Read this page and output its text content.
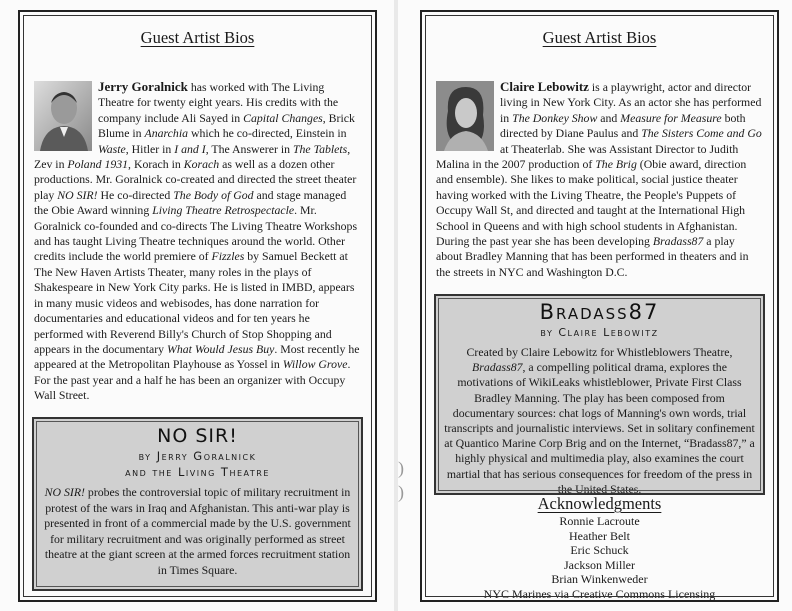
Guest Artist Bios
Jerry Goralnick has worked with The Living Theatre for twenty eight years. His credits with the company include Ali Sayed in Capital Changes, Brick Blume in Anarchia which he co-directed, Einstein in Waste, Hitler in I and I, The Answerer in The Tablets, Zev in Poland 1931, Korach in Korach as well as a dozen other productions. Mr. Goralnick co-created and directed the street theater play NO SIR! He co-directed The Body of God and stage managed the Obie Award winning Living Theatre Retrospectacle. Mr. Goralnick co-founded and co-directs The Living Theatre Workshops and has taught Living Theatre techniques around the world. Other credits include the world premiere of Fizzles by Samuel Beckett at The New Haven Artists Theater, many roles in the plays of Shakespeare in New York City parks. He is listed in IMBD, appears in many music videos and webisodes, has done narration for documentaries and educational videos and for ten years he performed with Reverend Billy's Church of Stop Shopping and appears in the documentary What Would Jesus Buy. Most recently he appeared at the Metropolitan Playhouse as Yossel in Willow Grove. For the past year and a half he has been an organizer with Occupy Wall Street.
NO SIR!
by Jerry Goralnick
and the Living Theatre
NO SIR! probes the controversial topic of military recruitment in protest of the wars in Iraq and Afghanistan. This anti-war play is presented in front of a commercial made by the U.S. government for military recruitment and was originally performed as street theatre at the giant screen at the armed forces recruitment station in Times Square.
)
)
Guest Artist Bios
Claire Lebowitz is a playwright, actor and director living in New York City. As an actor she has performed in The Donkey Show and Measure for Measure both directed by Diane Paulus and The Sisters Come and Go at Theaterlab. She was Assistant Director to Judith Malina in the 2007 production of The Brig (Obie award, direction and ensemble). She likes to make political, social justice theater having worked with the Living Theatre, the People's Puppets of Occupy Wall St, and directed and taught at the International High School in Queens and with high school students in Afghanistan. During the past year she has been developing Bradass87 a play about Bradley Manning that has been performed in theaters and in the streets in NYC and Washington D.C.
Bradass87
by Claire Lebowitz
Created by Claire Lebowitz for Whistleblowers Theatre, Bradass87, a compelling political drama, explores the motivations of WikiLeaks whistleblower, Private First Class Bradley Manning. The play has been composed from documentary sources: chat logs of Manning's own words, trial transcripts and journalistic interviews. Set in solitary confinement at Quantico Marine Corp Brig and on the Internet, “Bradass87,” a highly physical and multimedia play, also examines the court martial that has serious consequences for freedom of the press in the United States.
Acknowledgments
Ronnie Lacroute
Heather Belt
Eric Schuck
Jackson Miller
Brian Winkenweder
NYC Marines via Creative Commons Licensing
